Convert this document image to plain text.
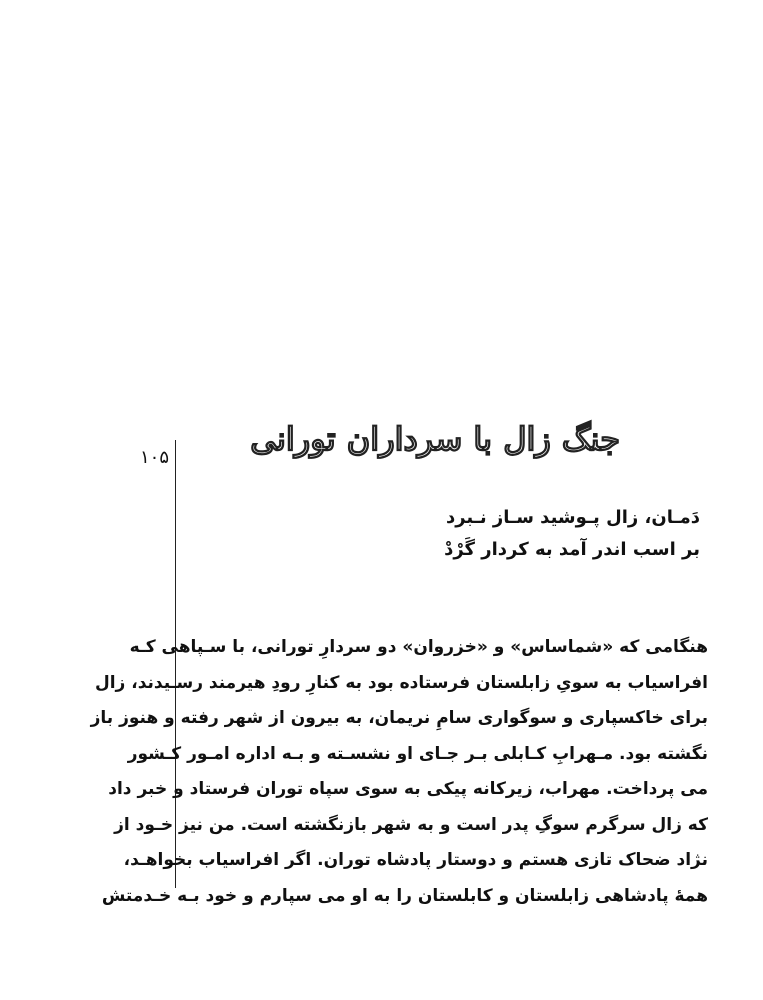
۱۰۵	جنگ زال با سرداران تورانی
دَمـان، زال پـوشید سـاز نـبرد
بر اسب اندر آمد به کردار گَرْدْ
هنگامی که «شماساس» و «خزروان» دو سردارِ تورانی، با سـپاهی کـه
افراسیاب به سویِ زابلستان فرستاده بود به کنارِ رودِ هیرمند رسـیدند، زال
برای خاکسپاری و سوگواری سامِ نریمان، به بیرون از شهر رفته و هنوز باز
نگشته بود. مـهرابِ کـابلی بـر جـای او نشسـته و بـه اداره امـور کـشور
می پرداخت. مهراب، زیرکانه پیکی به سوی سپاه توران فرستاد و خبر داد
که زال سرگرم سوگِ پدر است و به شهر بازنگشته است. من نیز خـود از
نژاد ضحاک تازی هستم و دوستار پادشاه توران. اگر افراسیاب بخواهـد،
همهٔ پادشاهی زابلستان و کابلستان را به او می سپارم و خود بـه خـدمتش
